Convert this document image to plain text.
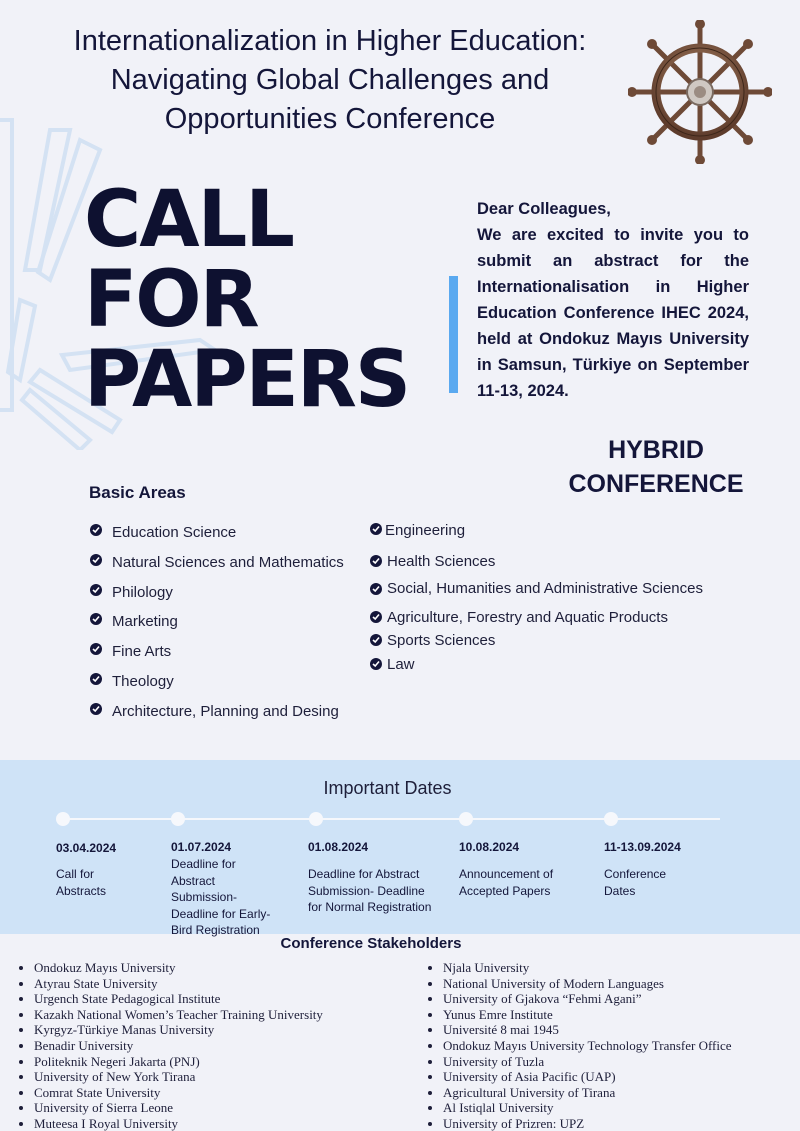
Internationalization in Higher Education:
Navigating Global Challenges and
Opportunities Conference
CALL
FOR
PAPERS
Dear Colleagues,
We are excited to invite you to submit an abstract for the Internationalisation in Higher Education Conference IHEC 2024, held at Ondokuz Mayıs University in Samsun, Türkiye on September 11-13, 2024.
HYBRID
CONFERENCE
Basic Areas
Education Science
Natural Sciences and Mathematics
Philology
Marketing
Fine Arts
Theology
Architecture, Planning and Desing
Engineering
Health Sciences
Social, Humanities and Administrative Sciences
Agriculture, Forestry and Aquatic Products
Sports Sciences
Law
Important Dates
03.04.2024
Call for
Abstracts
01.07.2024
Deadline for
Abstract
Submission-
Deadline for Early-
Bird Registration
01.08.2024
Deadline for Abstract
Submission- Deadline
for Normal Registration
10.08.2024
Announcement of
Accepted Papers
11-13.09.2024
Conference
Dates
Conference Stakeholders
• Ondokuz Mayıs University
• Atyrau State University
• Urgench State Pedagogical Institute
• Kazakh National Women’s Teacher Training University
• Kyrgyz-Türkiye Manas University
• Benadir University
• Politeknik Negeri Jakarta (PNJ)
• University of New York Tirana
• Comrat State University
• University of Sierra Leone
• Muteesa I Royal University
• Njala University
• National University of Modern Languages
• University of Gjakova “Fehmi Agani”
• Yunus Emre Institute
• Université 8 mai 1945
• Ondokuz Mayıs University Technology Transfer Office
• University of Tuzla
• University of Asia Pacific (UAP)
• Agricultural University of Tirana
• Al Istiqlal University
• University of Prizren: UPZ
